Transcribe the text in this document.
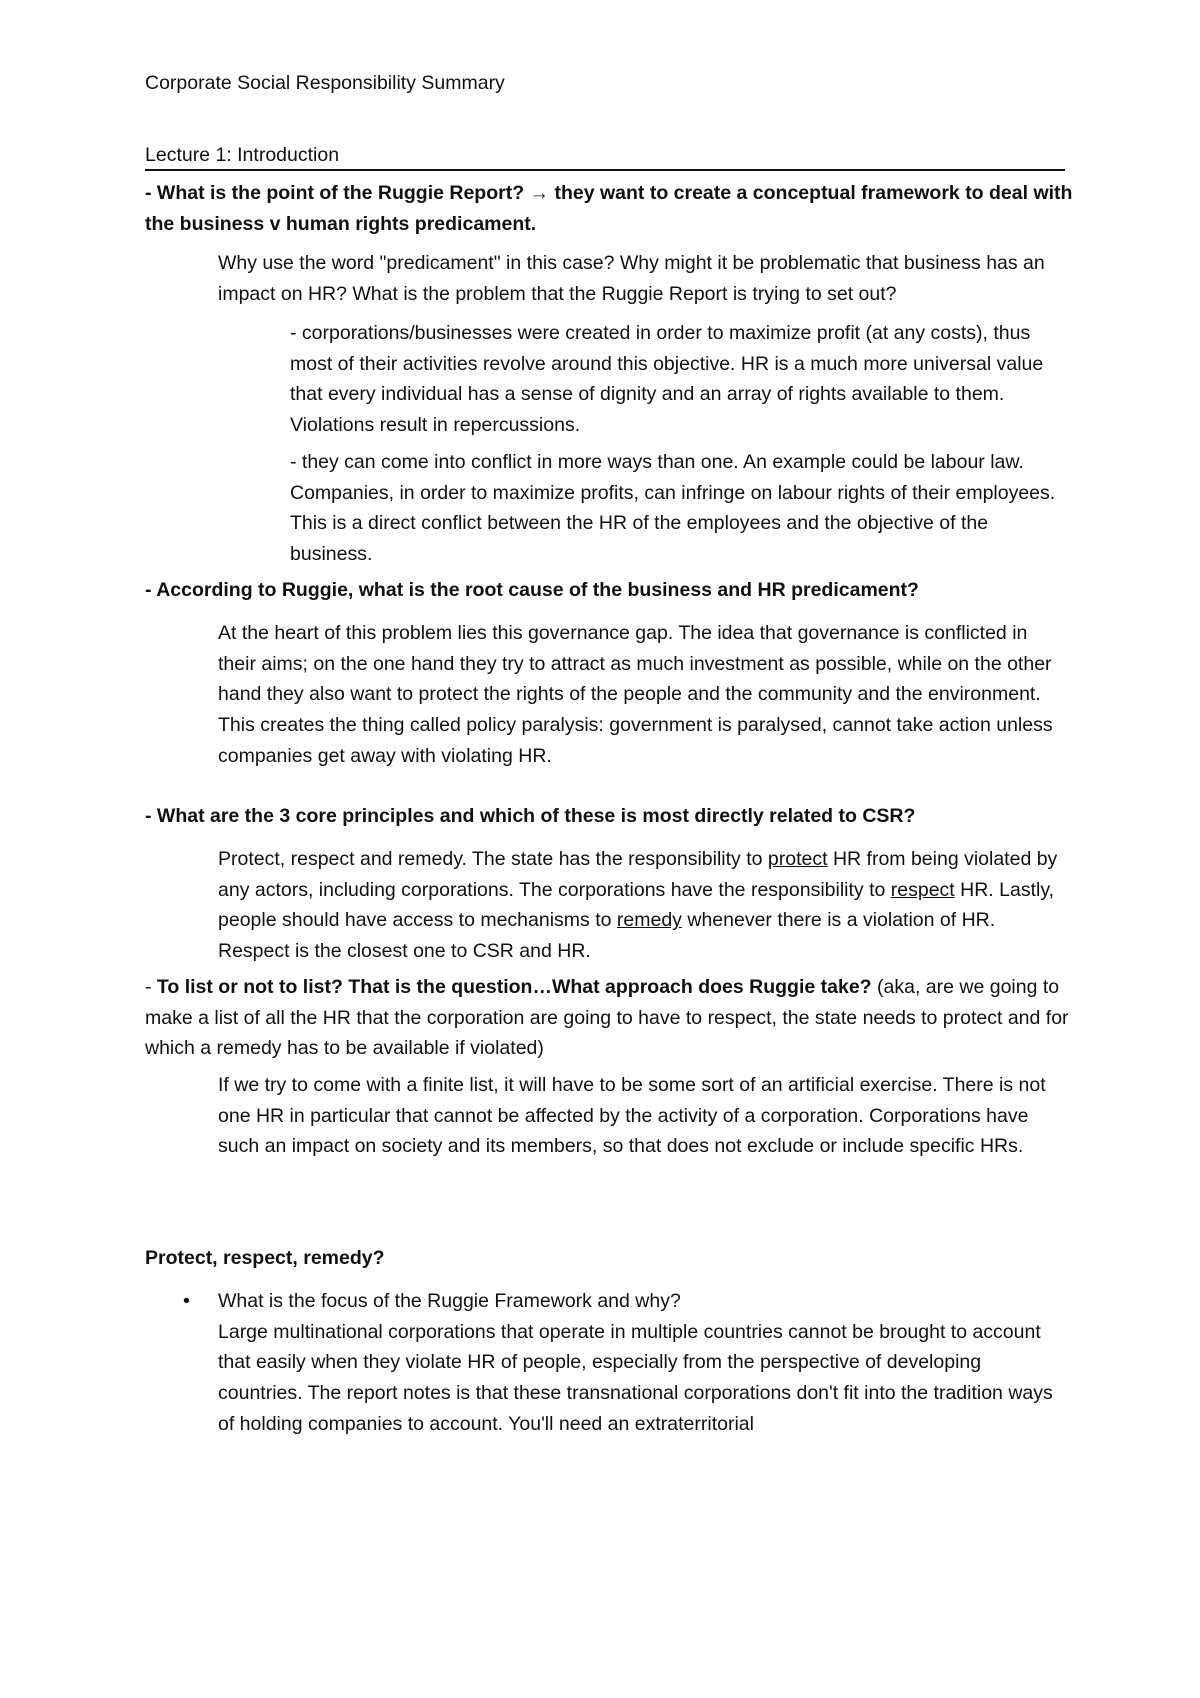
Corporate Social Responsibility Summary
Lecture 1: Introduction

- What is the point of the Ruggie Report? → they want to create a conceptual framework to deal with the business v human rights predicament.

Why use the word "predicament" in this case? Why might it be problematic that business has an impact on HR? What is the problem that the Ruggie Report is trying to set out?

- corporations/businesses were created in order to maximize profit (at any costs), thus most of their activities revolve around this objective. HR is a much more universal value that every individual has a sense of dignity and an array of rights available to them. Violations result in repercussions.

- they can come into conflict in more ways than one. An example could be labour law. Companies, in order to maximize profits, can infringe on labour rights of their employees. This is a direct conflict between the HR of the employees and the objective of the business.

- According to Ruggie, what is the root cause of the business and HR predicament?

At the heart of this problem lies this governance gap. The idea that governance is conflicted in their aims; on the one hand they try to attract as much investment as possible, while on the other hand they also want to protect the rights of the people and the community and the environment. This creates the thing called policy paralysis: government is paralysed, cannot take action unless companies get away with violating HR.

- What are the 3 core principles and which of these is most directly related to CSR?

Protect, respect and remedy. The state has the responsibility to protect HR from being violated by any actors, including corporations. The corporations have the responsibility to respect HR. Lastly, people should have access to mechanisms to remedy whenever there is a violation of HR. Respect is the closest one to CSR and HR.

- To list or not to list? That is the question…What approach does Ruggie take? (aka, are we going to make a list of all the HR that the corporation are going to have to respect, the state needs to protect and for which a remedy has to be available if violated)

If we try to come with a finite list, it will have to be some sort of an artificial exercise. There is not one HR in particular that cannot be affected by the activity of a corporation. Corporations have such an impact on society and its members, so that does not exclude or include specific HRs.

Protect, respect, remedy?

• What is the focus of the Ruggie Framework and why?
Large multinational corporations that operate in multiple countries cannot be brought to account that easily when they violate HR of people, especially from the perspective of developing countries. The report notes is that these transnational corporations don't fit into the tradition ways of holding companies to account. You'll need an extraterritorial
